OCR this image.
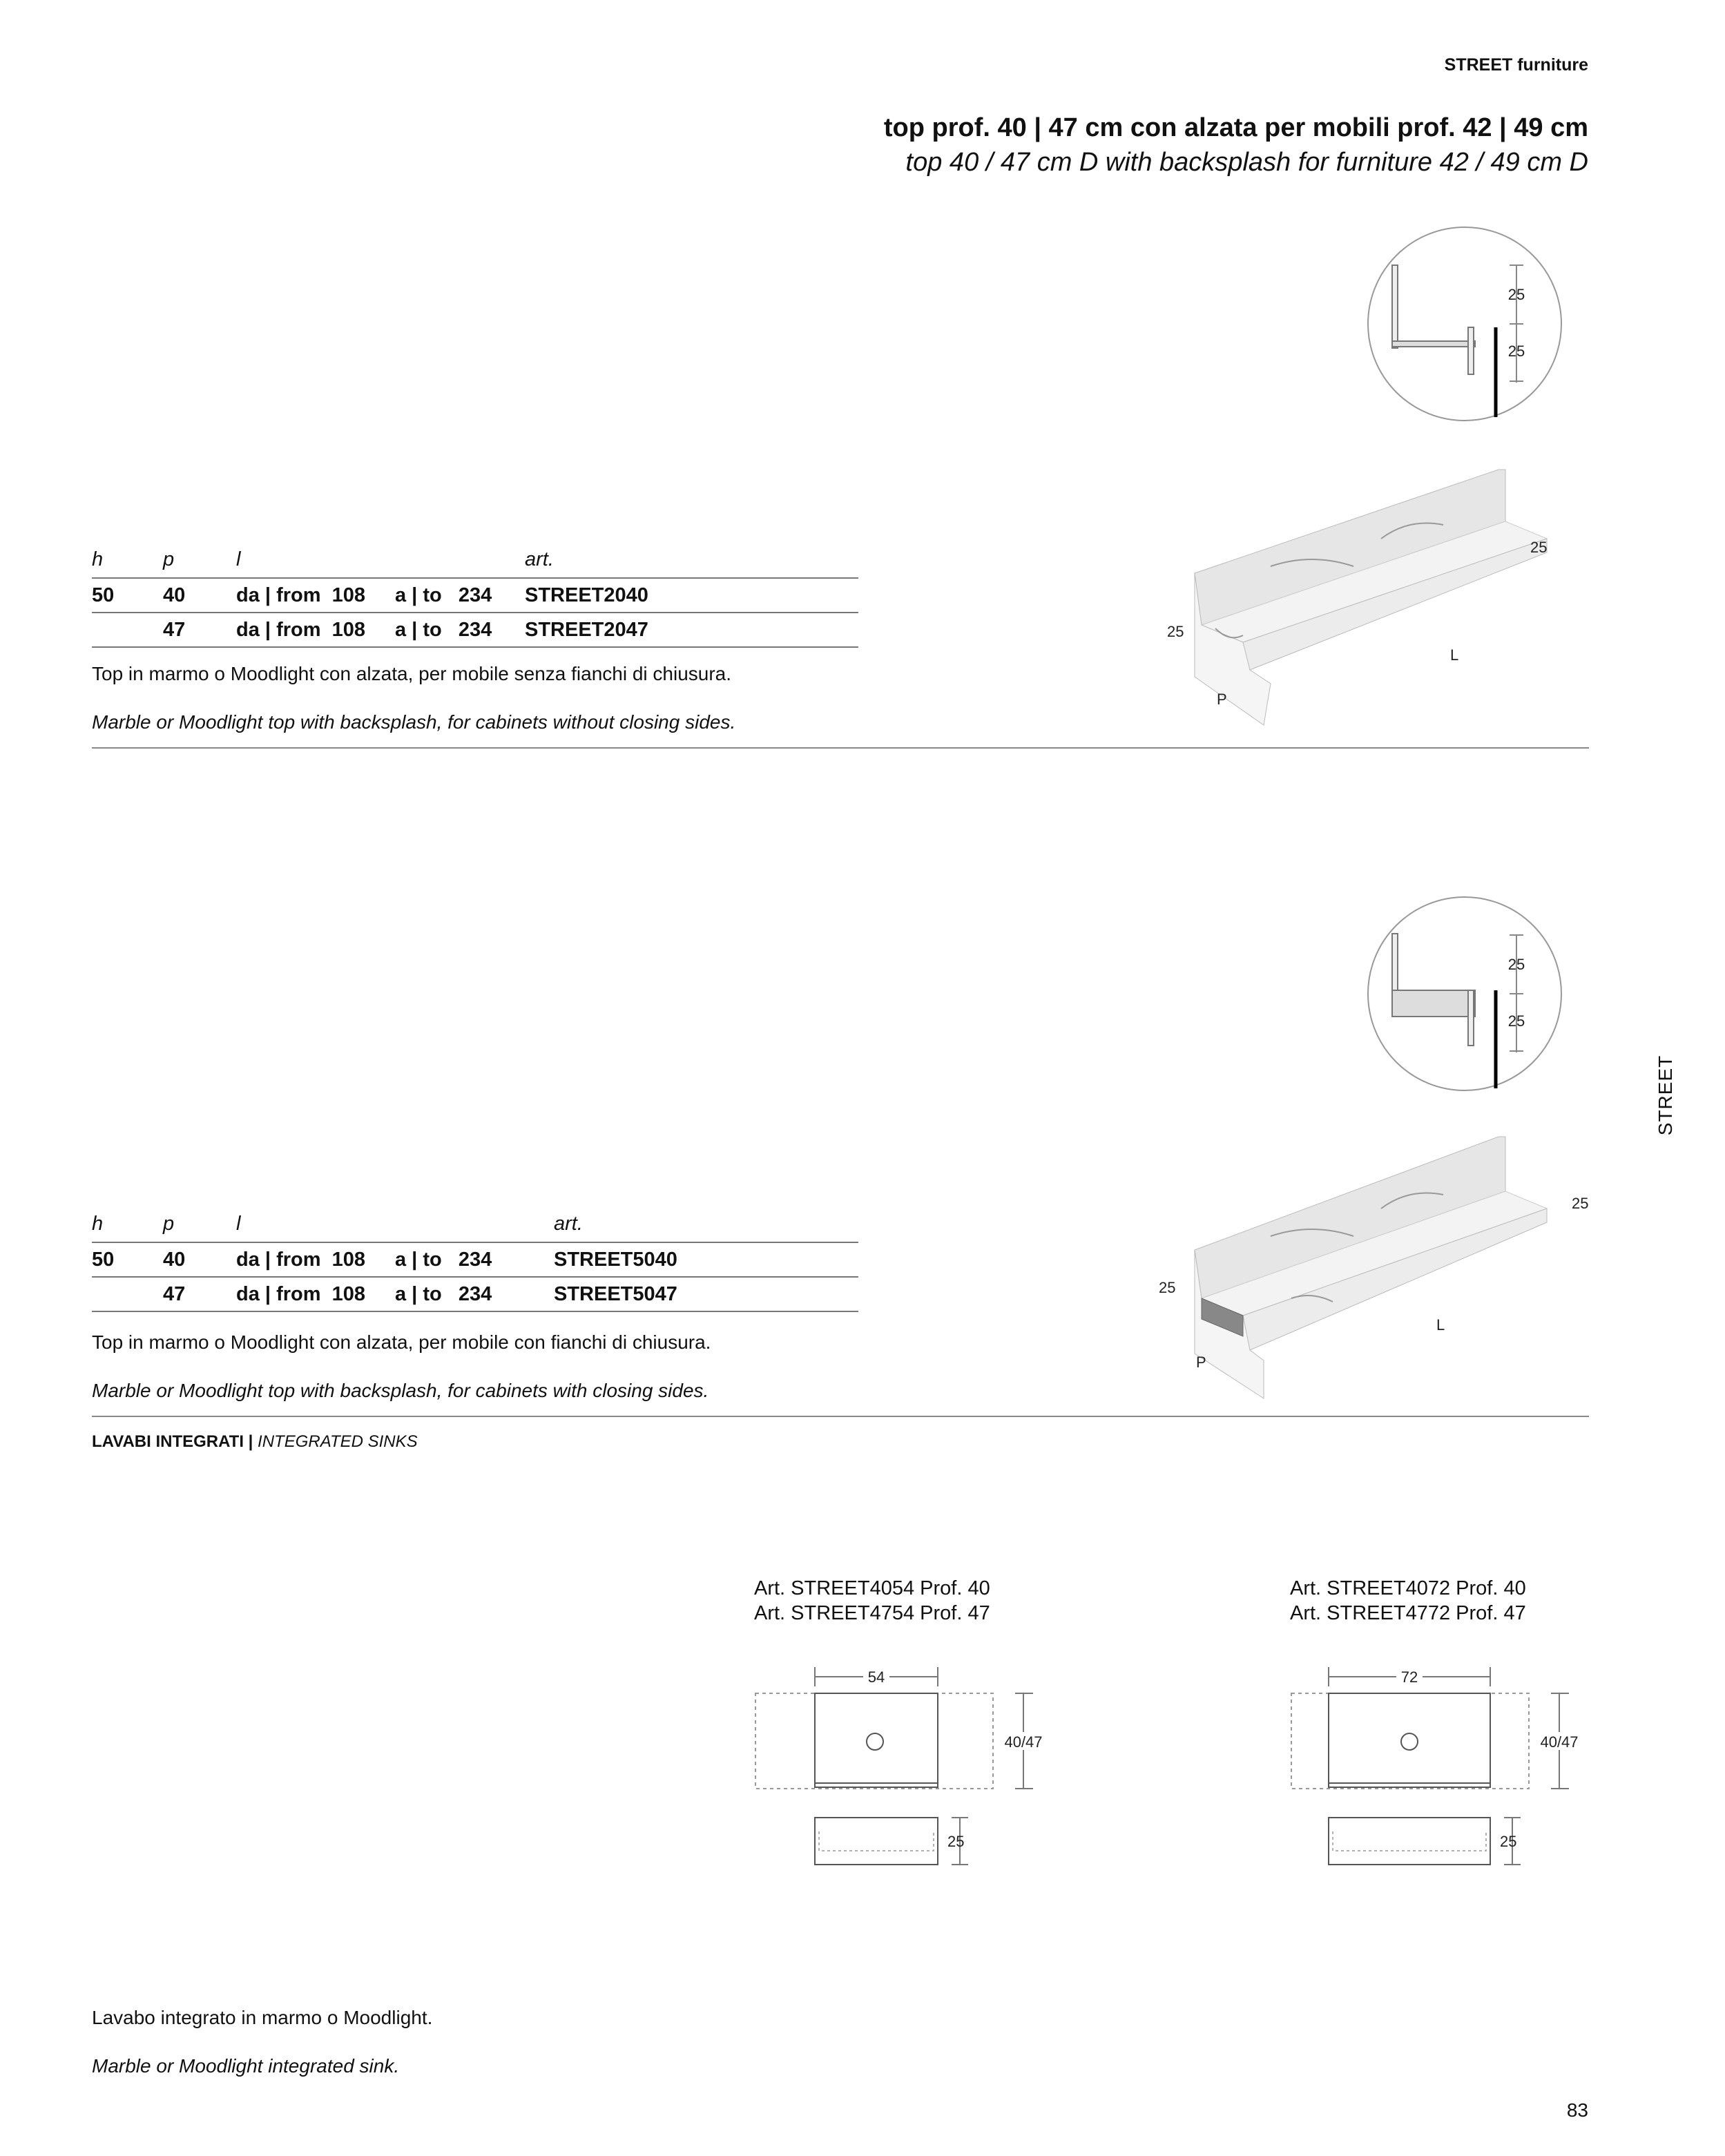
STREET furniture
top prof. 40 | 47 cm con alzata per mobili prof. 42 | 49 cm
top 40 / 47 cm D with backsplash for furniture 42 / 49 cm D
STREET
25
25
25
25
L
P
h	p	l		art.
50	40	da | from  108	a | to   234	STREET2040
	47	da | from  108	a | to   234	STREET2047
Top in marmo o Moodlight con alzata, per mobile senza fianchi di chiusura.
Marble or Moodlight top with backsplash, for cabinets without closing sides.
25
25
25
25
L
P
h	p	l		art.
50	40	da | from  108	a | to   234	STREET5040
	47	da | from  108	a | to   234	STREET5047
Top in marmo o Moodlight con alzata, per mobile con fianchi di chiusura.
Marble or Moodlight top with backsplash, for cabinets with closing sides.
LAVABI INTEGRATI | INTEGRATED SINKS
Art. STREET4054 Prof. 40
Art. STREET4754 Prof. 47
54
40/47
25
Art. STREET4072 Prof. 40
Art. STREET4772 Prof. 47
72
40/47
25
Lavabo integrato in marmo o Moodlight.
Marble or Moodlight integrated sink.
83
